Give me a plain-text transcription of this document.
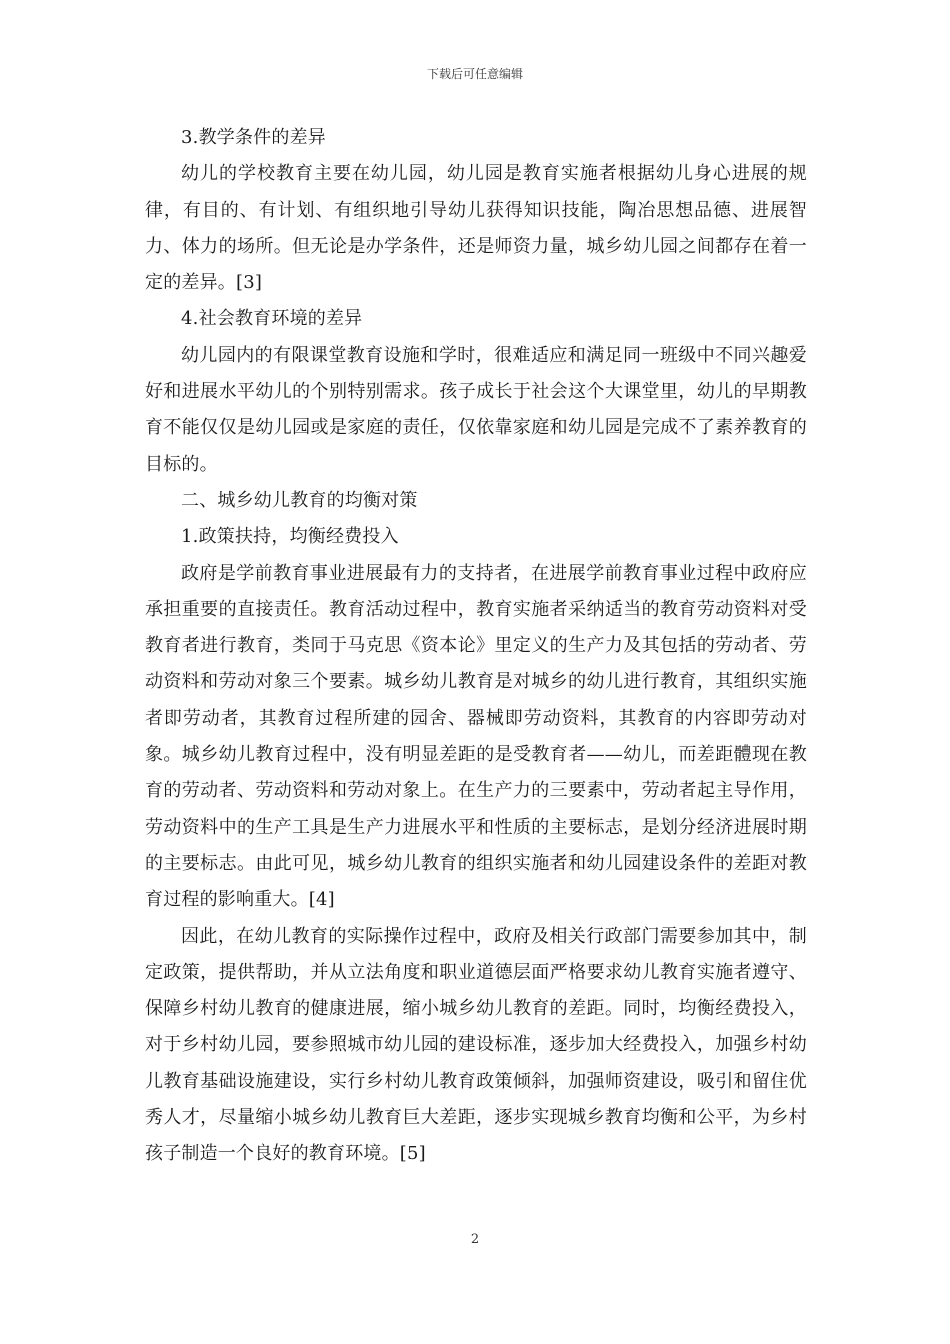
下载后可任意编辑

3.教学条件的差异

幼儿的学校教育主要在幼儿园，幼儿园是教育实施者根据幼儿身心进展的规律，有目的、有计划、有组织地引导幼儿获得知识技能，陶冶思想品德、进展智力、体力的场所。但无论是办学条件，还是师资力量，城乡幼儿园之间都存在着一定的差异。[3]

4.社会教育环境的差异

幼儿园内的有限课堂教育设施和学时，很难适应和满足同一班级中不同兴趣爱好和进展水平幼儿的个别特别需求。孩子成长于社会这个大课堂里，幼儿的早期教育不能仅仅是幼儿园或是家庭的责任，仅依靠家庭和幼儿园是完成不了素养教育的目标的。

二、城乡幼儿教育的均衡对策

1.政策扶持，均衡经费投入

政府是学前教育事业进展最有力的支持者，在进展学前教育事业过程中政府应承担重要的直接责任。教育活动过程中，教育实施者采纳适当的教育劳动资料对受教育者进行教育，类同于马克思《资本论》里定义的生产力及其包括的劳动者、劳动资料和劳动对象三个要素。城乡幼儿教育是对城乡的幼儿进行教育，其组织实施者即劳动者，其教育过程所建的园舍、器械即劳动资料，其教育的内容即劳动对象。城乡幼儿教育过程中，没有明显差距的是受教育者——幼儿，而差距體现在教育的劳动者、劳动资料和劳动对象上。在生产力的三要素中，劳动者起主导作用，劳动资料中的生产工具是生产力进展水平和性质的主要标志，是划分经济进展时期的主要标志。由此可见，城乡幼儿教育的组织实施者和幼儿园建设条件的差距对教育过程的影响重大。[4]

因此，在幼儿教育的实际操作过程中，政府及相关行政部门需要参加其中，制定政策，提供帮助，并从立法角度和职业道德层面严格要求幼儿教育实施者遵守、保障乡村幼儿教育的健康进展，缩小城乡幼儿教育的差距。同时，均衡经费投入，对于乡村幼儿园，要参照城市幼儿园的建设标准，逐步加大经费投入，加强乡村幼儿教育基础设施建设，实行乡村幼儿教育政策倾斜，加强师资建设，吸引和留住优秀人才，尽量缩小城乡幼儿教育巨大差距，逐步实现城乡教育均衡和公平，为乡村孩子制造一个良好的教育环境。[5]

2
